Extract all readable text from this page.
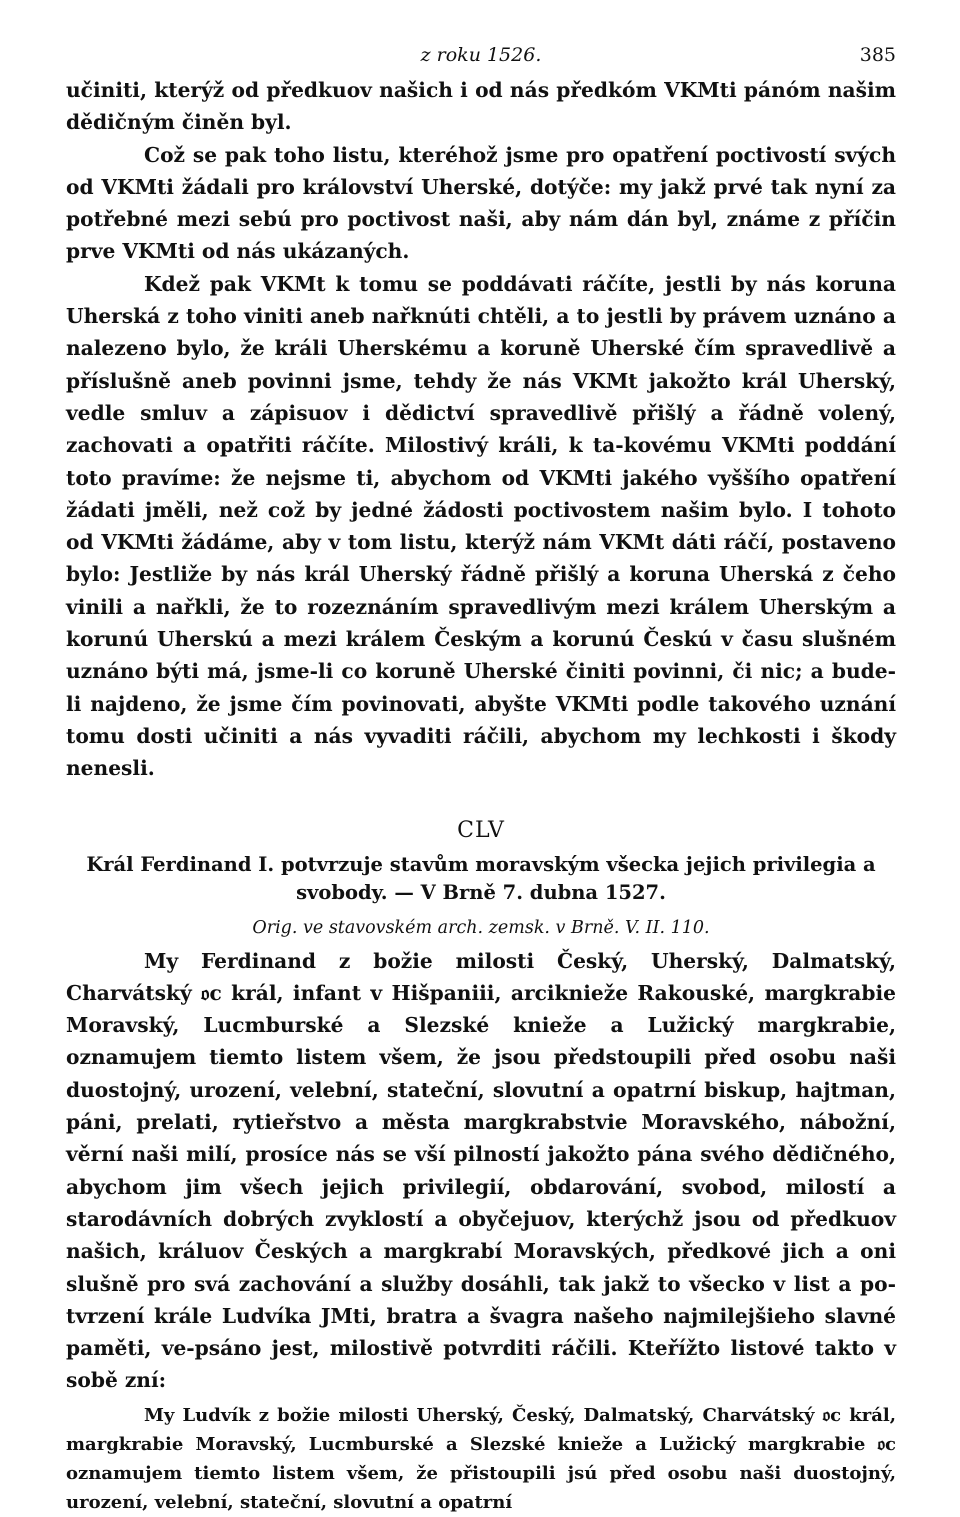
z roku 1526.	385

učiniti, kterýž od předkuov našich i od nás předkóm VKMti pánóm našim dědičným činěn byl.

Což se pak toho listu, kteréhož jsme pro opatření poctivostí svých od VKMti žádali pro království Uherské, dotýče: my jakž prvé tak nyní za potřebné mezi sebú pro poctivost naši, aby nám dán byl, známe z příčin prve VKMti od nás ukázaných.

Kdež pak VKMt k tomu se poddávati ráčíte, jestli by nás koruna Uherská z toho viniti aneb nařknúti chtěli, a to jestli by právem uznáno a nalezeno bylo, že králi Uherskému a koruně Uherské čím spravedlivě a příslušně aneb povinni jsme, tehdy že nás VKMt jakožto král Uherský, vedle smluv a zápisuov i dědictví spravedlivě přišlý a řádně volený, zachovati a opatřiti ráčíte. Milostivý králi, k ta-kovému VKMti poddání toto pravíme: že nejsme ti, abychom od VKMti jakého vyššího opatření žádati jměli, než což by jedné žádosti poctivostem našim bylo. I tohoto od VKMti žádáme, aby v tom listu, kterýž nám VKMt dáti ráčí, postaveno bylo: Jestliže by nás král Uherský řádně přišlý a koruna Uherská z čeho vinili a nařkli, že to rozeznáním spravedlivým mezi králem Uherským a korunú Uherskú a mezi králem Českým a korunú Českú v času slušném uznáno býti má, jsme-li co koruně Uherské činiti povinni, či nic; a bude-li najdeno, že jsme čím povinovati, abyšte VKMti podle takového uznání tomu dosti učiniti a nás vyvaditi ráčili, abychom my lechkosti i škody nenesli.

CLV
Král Ferdinand I. potvrzuje stavům moravským všecka jejich privilegia a svobody. — V Brně 7. dubna 1527.
Orig. ve stavovském arch. zemsk. v Brně. V. II. 110.

My Ferdinand z božie milosti Český, Uherský, Dalmatský, Charvátský 𝔬c král, infant v Hišpaniii, arcikniežе Rakouské, margkrabie Moravský, Lucmburské a Slezské knieže a Lužický margkrabie, oznamujem tiemto listem všem, že jsou předstoupili před osobu naši duostojný, urození, velební, stateční, slovutní a opatrní biskup, hajtman, páni, prelati, rytieřstvo a města margkrabstvie Moravského, nábožní, věrní naši milí, prosíce nás se vší pilností jakožto pána svého dědičného, abychom jim všech jejich privilegií, obdarování, svobod, milostí a starodávních dobrých zvyklostí a obyčejuov, kterýchž jsou od předkuov našich, králuov Českých a margkrabí Moravských, předkové jich a oni slušně pro svá zachování a služby dosáhli, tak jakž to všecko v list a po-tvrzení krále Ludvíka JMti, bratra a švagra našeho najmilejšieho slavné paměti, ve-psáno jest, milostivě potvrditi ráčili. Kteřížto listové takto v sobě zní:

My Ludvík z božie milosti Uherský, Český, Dalmatský, Charvátský 𝔬c král, margkrabie Moravský, Lucmburské a Slezské knieže a Lužický margkrabie 𝔬c oznamujem tiemto listem všem, že přistoupili jsú před osobu naši duostojný, urození, velební, stateční, slovutní a opatrní
